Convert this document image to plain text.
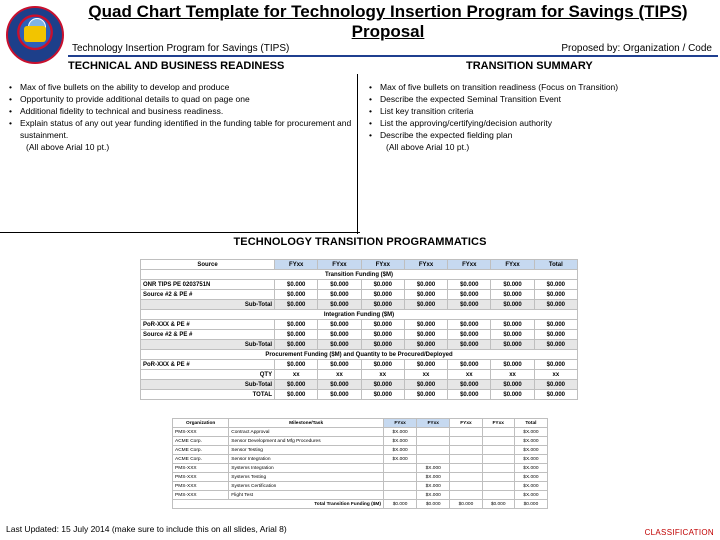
Quad Chart Template for Technology Insertion Program for Savings (TIPS) Proposal
Technology Insertion Program for Savings (TIPS)	Proposed by: Organization / Code
TECHNICAL AND BUSINESS READINESS	TRANSITION SUMMARY
• Max of five bullets on the ability to develop and produce
• Opportunity to provide additional details to quad on page one
• Additional fidelity to technical and business readiness.
• Explain status of any out year funding identified in the funding table for procurement and sustainment.
(All above Arial 10 pt.)
• Max of five bullets on transition readiness (Focus on Transition)
• Describe the expected Seminal Transition Event
• List key transition criteria
• List the approving/certifying/decision authority
• Describe the expected fielding plan
(All above Arial 10 pt.)
TECHNOLOGY TRANSITION PROGRAMMATICS
Source	FYxx	FYxx	FYxx	FYxx	FYxx	FYxx	Total
Transition Funding ($M)							
ONR TIPS PE 0203751N	$0.000	$0.000	$0.000	$0.000	$0.000	$0.000	$0.000
Source #2 & PE #	$0.000	$0.000	$0.000	$0.000	$0.000	$0.000	$0.000
Sub-Total	$0.000	$0.000	$0.000	$0.000	$0.000	$0.000	$0.000
Integration Funding ($M)							
PoR-XXX & PE #	$0.000	$0.000	$0.000	$0.000	$0.000	$0.000	$0.000
Source #2 & PE #	$0.000	$0.000	$0.000	$0.000	$0.000	$0.000	$0.000
Sub-Total	$0.000	$0.000	$0.000	$0.000	$0.000	$0.000	$0.000
Procurement Funding ($M) and Quantity to be Procured/Deployed							
PoR-XXX & PE #	$0.000	$0.000	$0.000	$0.000	$0.000	$0.000	$0.000
QTY	xx	xx	xx	xx	xx	xx	xx
Sub-Total	$0.000	$0.000	$0.000	$0.000	$0.000	$0.000	$0.000
TOTAL	$0.000	$0.000	$0.000	$0.000	$0.000	$0.000	$0.000
Organization	Milestone/Task	FYxx	FYxx	FYxx	FYxx	Total
PMS-XXX	Contract Approval	$X.000				$X.000
ACME Corp.	Sensor Development and Mfg Procedures	$X.000				$X.000
ACME Corp.	Sensor Testing	$X.000				$X.000
ACME Corp.	Sensor Integration	$X.000				$X.000
PMS-XXX	Systems Integration		$X.000			$X.000
PMS-XXX	Systems Testing		$X.000			$X.000
PMS-XXX	Systems Certification		$X.000			$X.000
PMS-XXX	Flight Test		$X.000			$X.000
Total Transition Funding ($M)		$0.000	$0.000	$0.000	$0.000	$0.000
Last Updated: 15 July 2014 (make sure to include this on all slides, Arial 8)	CLASSIFICATION
